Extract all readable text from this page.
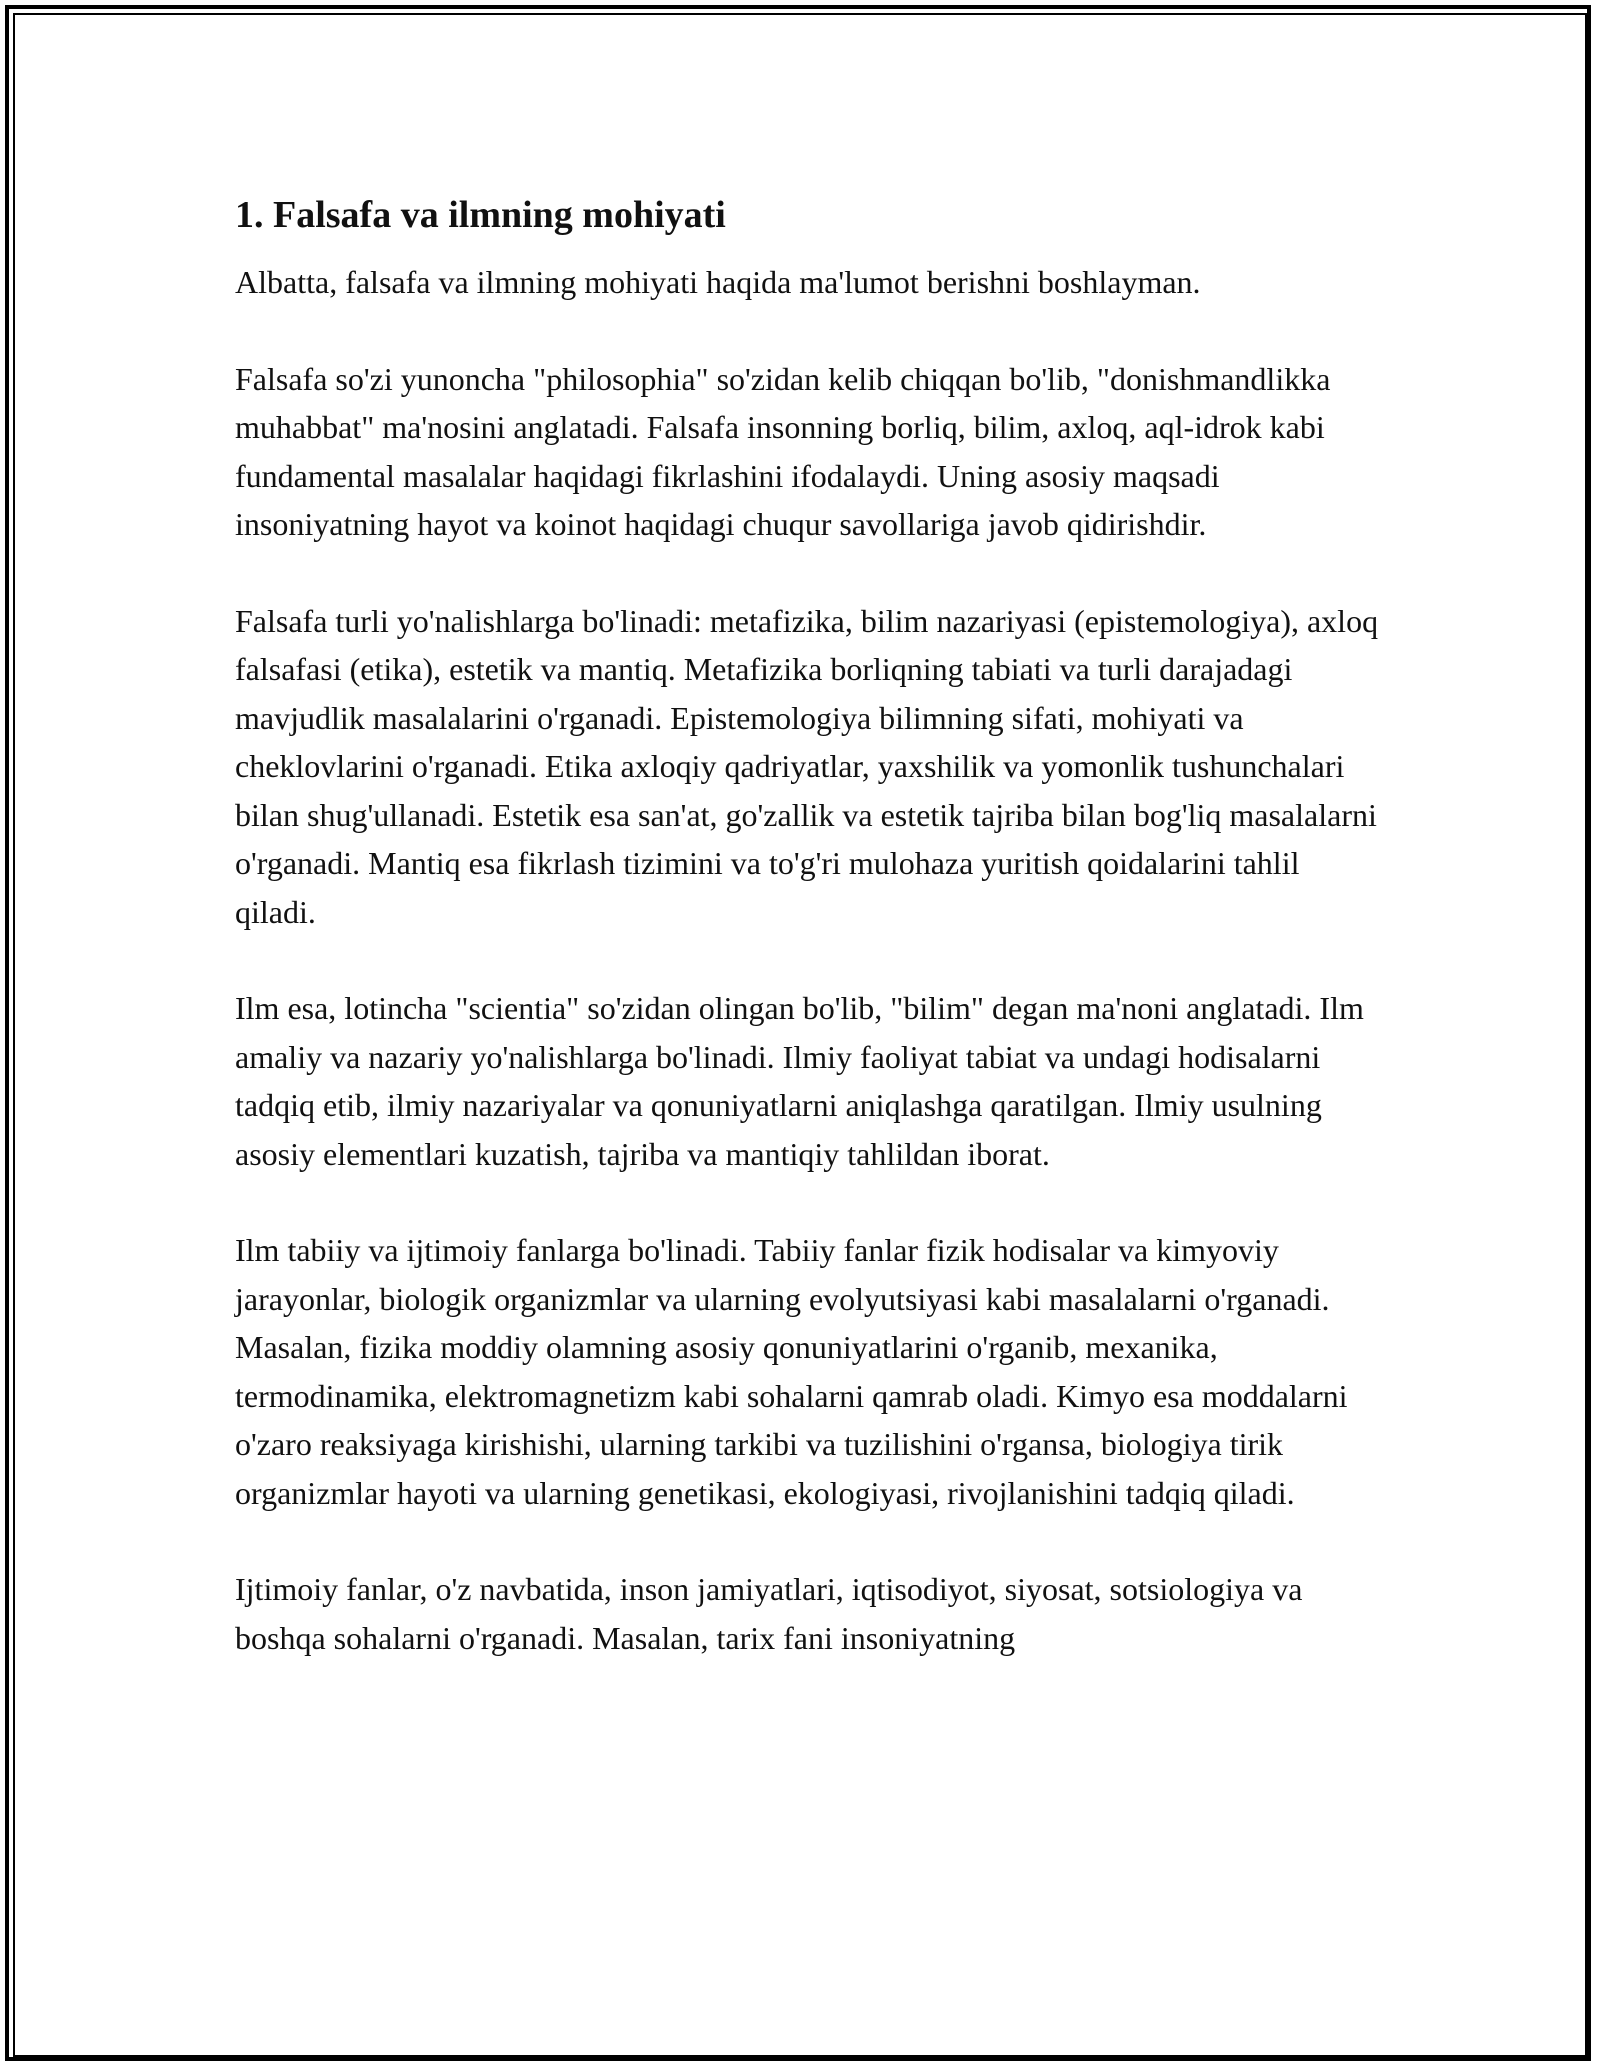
1. Falsafa va ilmning mohiyati

Albatta, falsafa va ilmning mohiyati haqida ma'lumot berishni boshlayman.

Falsafa so'zi yunoncha "philosophia" so'zidan kelib chiqqan bo'lib, "donishmandlikka muhabbat" ma'nosini anglatadi. Falsafa insonning borliq, bilim, axloq, aql-idrok kabi fundamental masalalar haqidagi fikrlashini ifodalaydi. Uning asosiy maqsadi insoniyatning hayot va koinot haqidagi chuqur savollariga javob qidirishdir.

Falsafa turli yo'nalishlarga bo'linadi: metafizika, bilim nazariyasi (epistemologiya), axloq falsafasi (etika), estetik va mantiq. Metafizika borliqning tabiati va turli darajadagi mavjudlik masalalarini o'rganadi. Epistemologiya bilimning sifati, mohiyati va cheklovlarini o'rganadi. Etika axloqiy qadriyatlar, yaxshilik va yomonlik tushunchalari bilan shug'ullanadi. Estetik esa san'at, go'zallik va estetik tajriba bilan bog'liq masalalarni o'rganadi. Mantiq esa fikrlash tizimini va to'g'ri mulohaza yuritish qoidalarini tahlil qiladi.

Ilm esa, lotincha "scientia" so'zidan olingan bo'lib, "bilim" degan ma'noni anglatadi. Ilm amaliy va nazariy yo'nalishlarga bo'linadi. Ilmiy faoliyat tabiat va undagi hodisalarni tadqiq etib, ilmiy nazariyalar va qonuniyatlarni aniqlashga qaratilgan. Ilmiy usulning asosiy elementlari kuzatish, tajriba va mantiqiy tahlildan iborat.

Ilm tabiiy va ijtimoiy fanlarga bo'linadi. Tabiiy fanlar fizik hodisalar va kimyoviy jarayonlar, biologik organizmlar va ularning evolyutsiyasi kabi masalalarni o'rganadi. Masalan, fizika moddiy olamning asosiy qonuniyatlarini o'rganib, mexanika, termodinamika, elektromagnetizm kabi sohalarni qamrab oladi. Kimyo esa moddalarni o'zaro reaksiyaga kirishishi, ularning tarkibi va tuzilishini o'rgansa, biologiya tirik organizmlar hayoti va ularning genetikasi, ekologiyasi, rivojlanishini tadqiq qiladi.

Ijtimoiy fanlar, o'z navbatida, inson jamiyatlari, iqtisodiyot, siyosat, sotsiologiya va boshqa sohalarni o'rganadi. Masalan, tarix fani insoniyatning
